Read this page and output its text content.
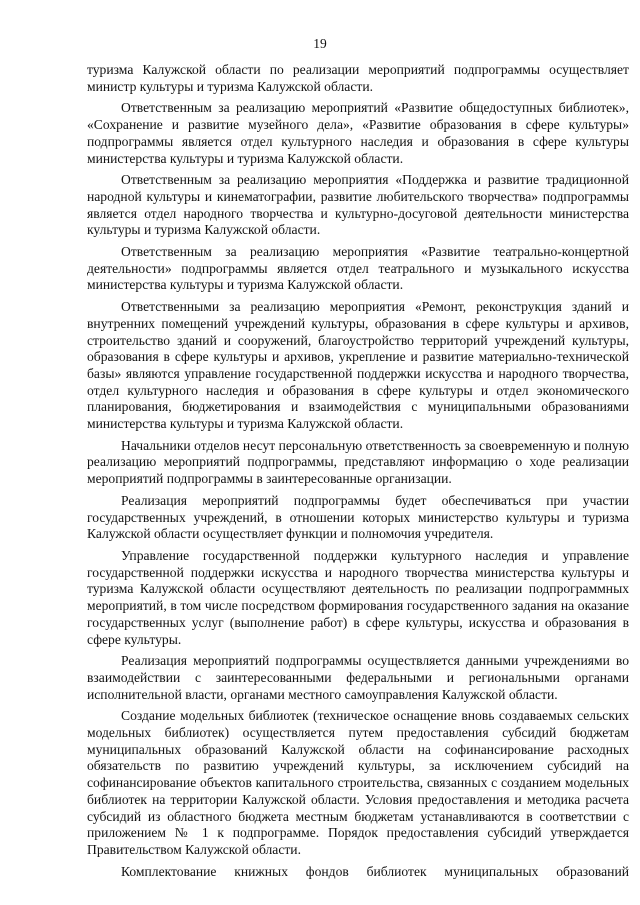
19

туризма Калужской области по реализации мероприятий подпрограммы осуществляет министр культуры и туризма Калужской области.

Ответственным за реализацию мероприятий «Развитие общедоступных библиотек», «Сохранение и развитие музейного дела», «Развитие образования в сфере культуры» подпрограммы является отдел культурного наследия и образования в сфере культуры министерства культуры и туризма Калужской области.

Ответственным за реализацию мероприятия «Поддержка и развитие традиционной народной культуры и кинематографии, развитие любительского творчества» подпрограммы является отдел народного творчества и культурно-досуговой деятельности министерства культуры и туризма Калужской области.

Ответственным за реализацию мероприятия «Развитие театрально-концертной деятельности» подпрограммы является отдел театрального и музыкального искусства министерства культуры и туризма Калужской области.

Ответственными за реализацию мероприятия «Ремонт, реконструкция зданий и внутренних помещений учреждений культуры, образования в сфере культуры и архивов, строительство зданий и сооружений, благоустройство территорий учреждений культуры, образования в сфере культуры и архивов, укрепление и развитие материально-технической базы» являются управление государственной поддержки искусства и народного творчества, отдел культурного наследия и образования в сфере культуры и отдел экономического планирования, бюджетирования и взаимодействия с муниципальными образованиями министерства культуры и туризма Калужской области.

Начальники отделов несут персональную ответственность за своевременную и полную реализацию мероприятий подпрограммы, представляют информацию о ходе реализации мероприятий подпрограммы в заинтересованные организации.

Реализация мероприятий подпрограммы будет обеспечиваться при участии государственных учреждений, в отношении которых министерство культуры и туризма Калужской области осуществляет функции и полномочия учредителя.

Управление государственной поддержки культурного наследия и управление государственной поддержки искусства и народного творчества министерства культуры и туризма Калужской области осуществляют деятельность по реализации подпрограммных мероприятий, в том числе посредством формирования государственного задания на оказание государственных услуг (выполнение работ) в сфере культуры, искусства и образования в сфере культуры.

Реализация мероприятий подпрограммы осуществляется данными учреждениями во взаимодействии с заинтересованными федеральными и региональными органами исполнительной власти, органами местного самоуправления Калужской области.

Создание модельных библиотек (техническое оснащение вновь создаваемых сельских модельных библиотек) осуществляется путем предоставления субсидий бюджетам муниципальных образований Калужской области на софинансирование расходных обязательств по развитию учреждений культуры, за исключением субсидий на софинансирование объектов капитального строительства, связанных с созданием модельных библиотек на территории Калужской области. Условия предоставления и методика расчета субсидий из областного бюджета местным бюджетам устанавливаются в соответствии с приложением № 1 к подпрограмме. Порядок предоставления субсидий утверждается Правительством Калужской области.

Комплектование книжных фондов библиотек муниципальных образований
